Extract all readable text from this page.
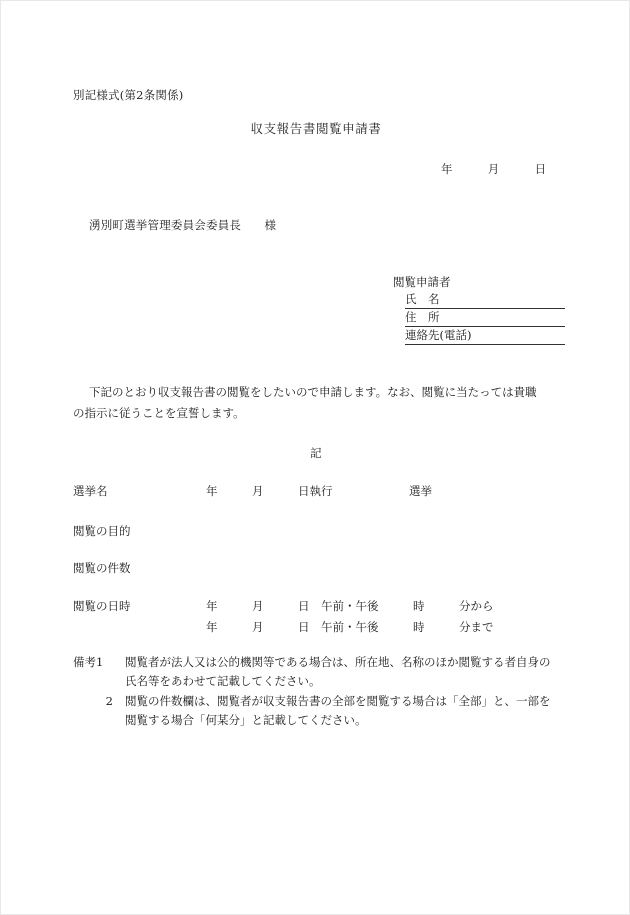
別記様式(第2条関係)
収支報告書閲覧申請書
年　　　月　　　日
湧別町選挙管理委員会委員長　　様
閲覧申請者
氏　名
住　所
連絡先(電話)
下記のとおり収支報告書の閲覧をしたいので申請します。なお、閲覧に当たっては貴職
の指示に従うことを宣誓します。
記
選挙名	年　　　月　　　日執行	選挙
閲覧の目的
閲覧の件数
閲覧の日時	年　　　月　　　日　午前・午後　　　時　　　分から
年　　　月　　　日　午前・午後　　　時　　　分まで
備考1	閲覧者が法人又は公的機関等である場合は、所在地、名称のほか閲覧する者自身の
氏名等をあわせて記載してください。
2 閲覧の件数欄は、閲覧者が収支報告書の全部を閲覧する場合は「全部」と、一部を
閲覧する場合「何某分」と記載してください。
